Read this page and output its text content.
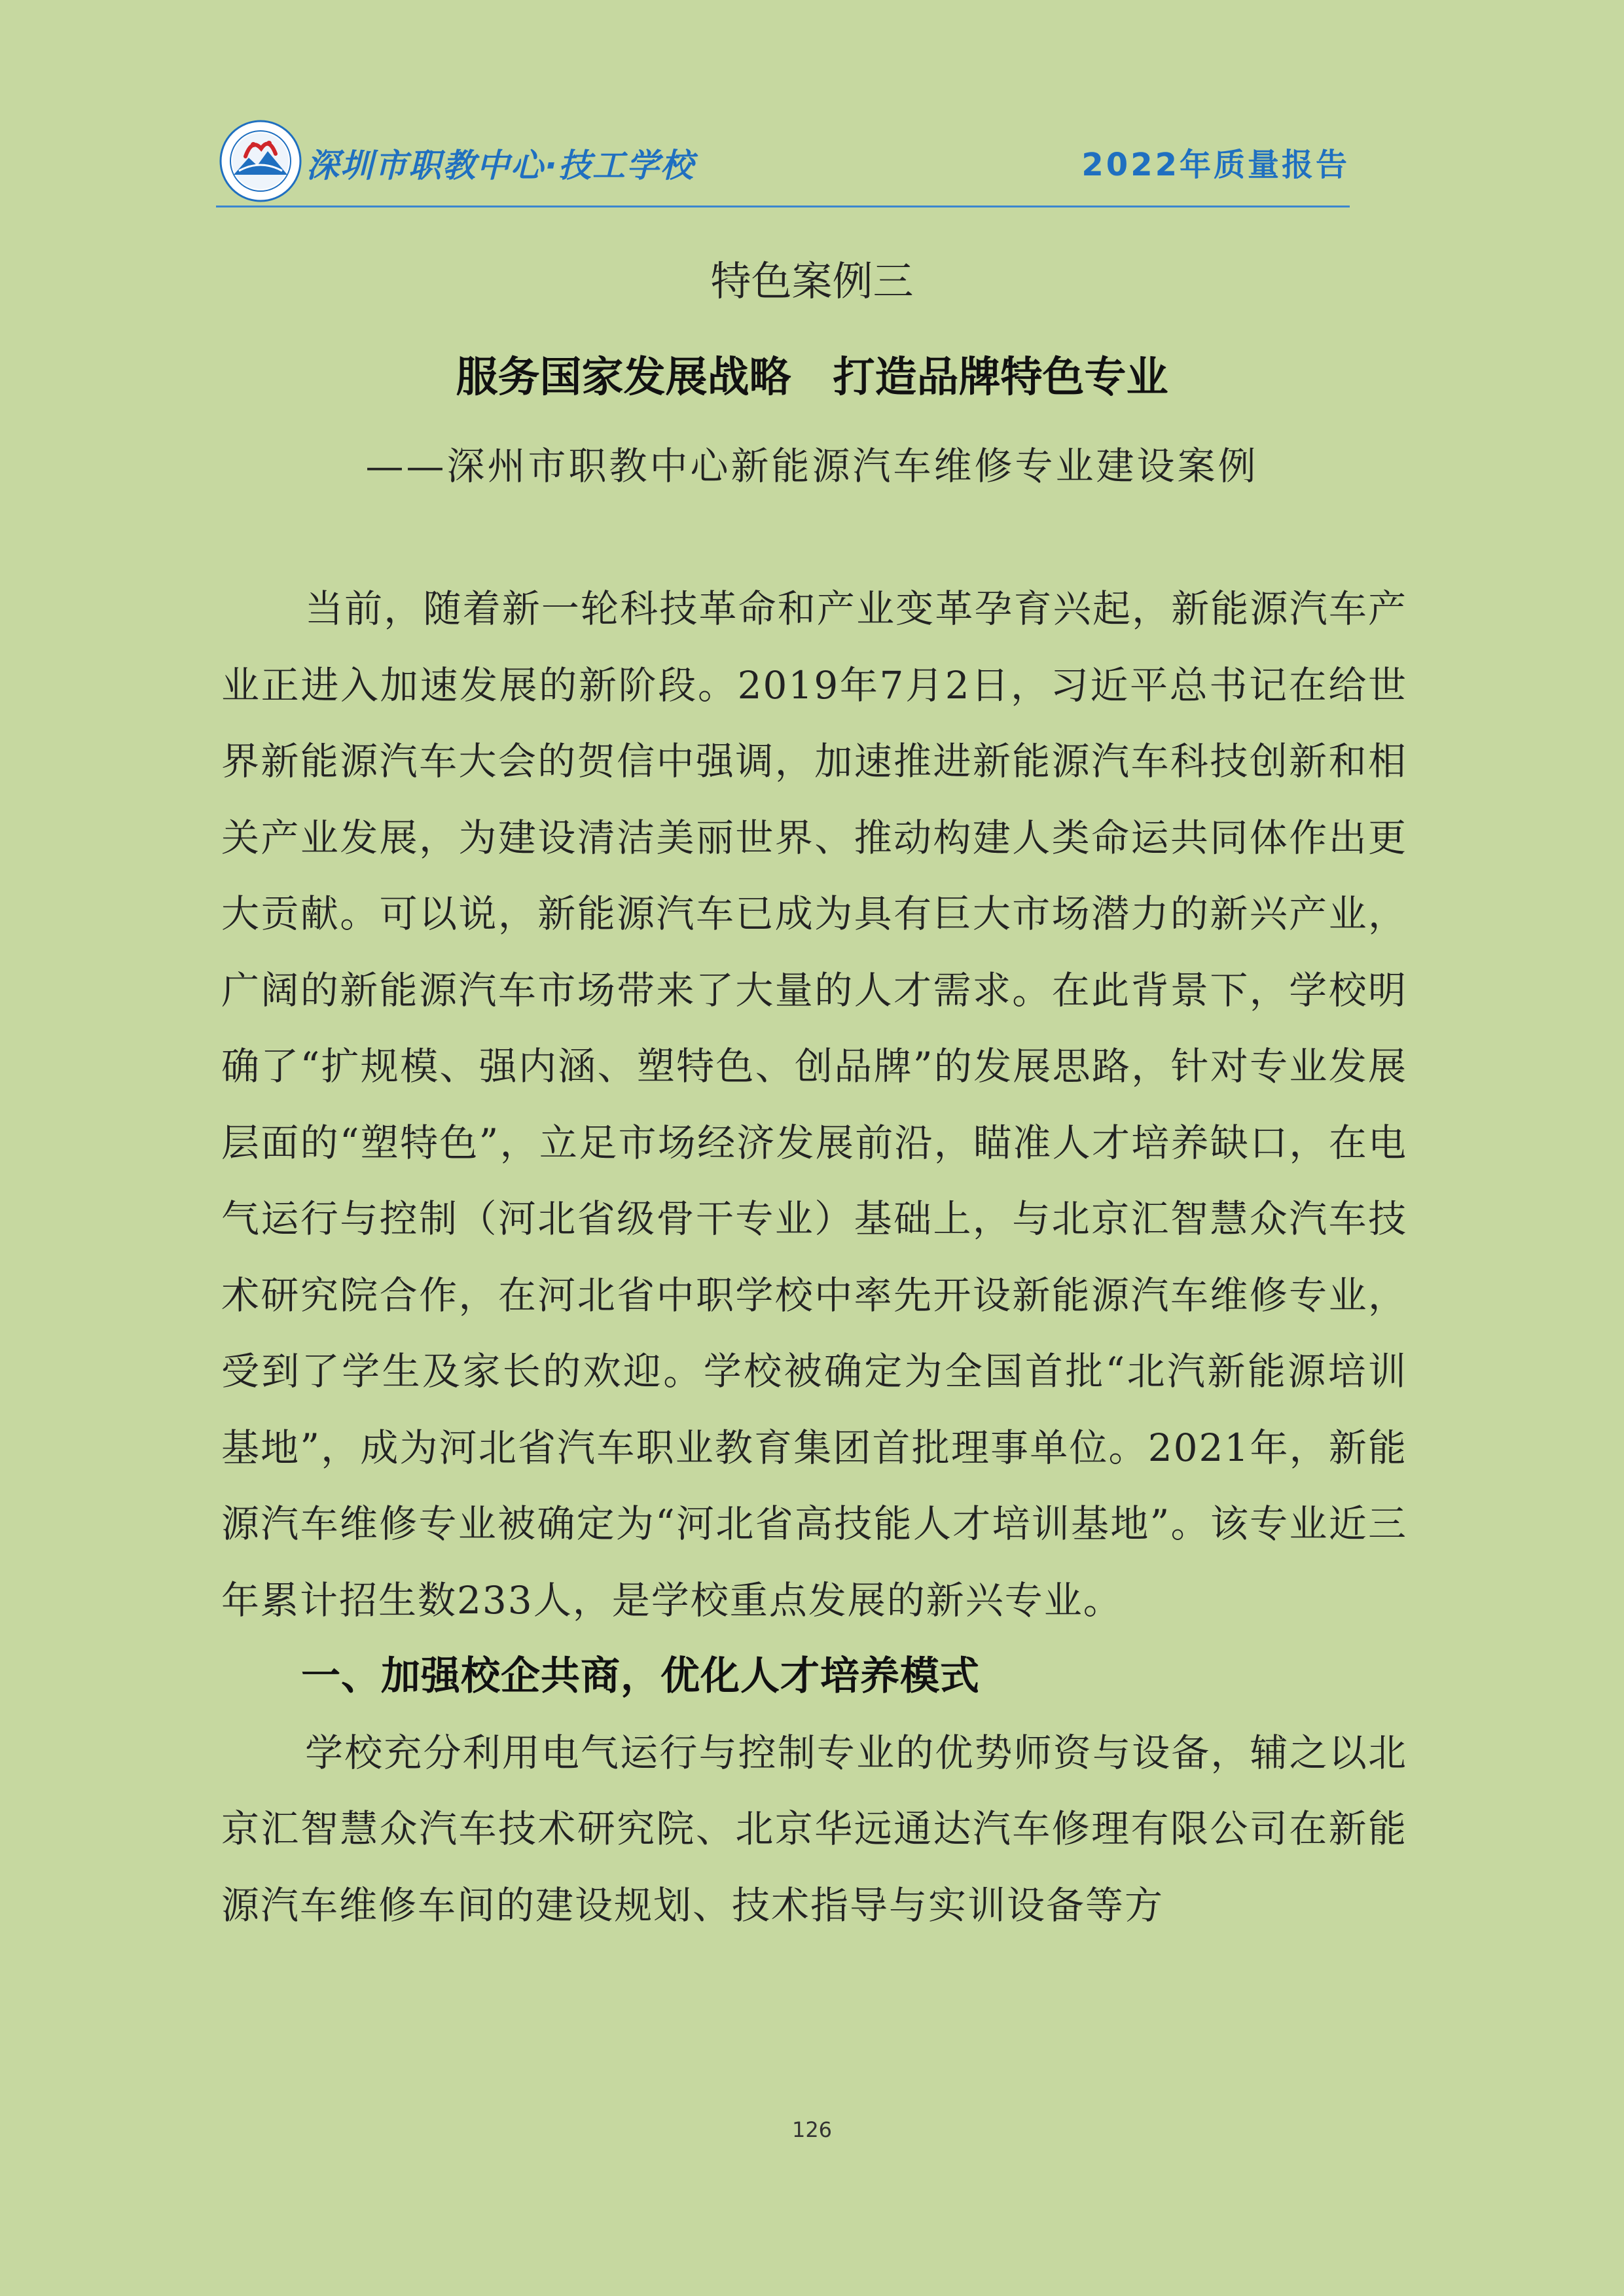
深圳市职教中心·技工学校	2022年质量报告
特色案例三
服务国家发展战略　打造品牌特色专业
——深州市职教中心新能源汽车维修专业建设案例

当前，随着新一轮科技革命和产业变革孕育兴起，新能源汽车产业正进入加速发展的新阶段。2019年7月2日，习近平总书记在给世界新能源汽车大会的贺信中强调，加速推进新能源汽车科技创新和相关产业发展，为建设清洁美丽世界、推动构建人类命运共同体作出更大贡献。可以说，新能源汽车已成为具有巨大市场潜力的新兴产业，广阔的新能源汽车市场带来了大量的人才需求。在此背景下，学校明确了“扩规模、强内涵、塑特色、创品牌”的发展思路，针对专业发展层面的“塑特色”，立足市场经济发展前沿，瞄准人才培养缺口，在电气运行与控制（河北省级骨干专业）基础上，与北京汇智慧众汽车技术研究院合作，在河北省中职学校中率先开设新能源汽车维修专业，受到了学生及家长的欢迎。学校被确定为全国首批“北汽新能源培训基地”，成为河北省汽车职业教育集团首批理事单位。2021年，新能源汽车维修专业被确定为“河北省高技能人才培训基地”。该专业近三年累计招生数233人，是学校重点发展的新兴专业。

一、加强校企共商，优化人才培养模式

学校充分利用电气运行与控制专业的优势师资与设备，辅之以北京汇智慧众汽车技术研究院、北京华远通达汽车修理有限公司在新能源汽车维修车间的建设规划、技术指导与实训设备等方

126
